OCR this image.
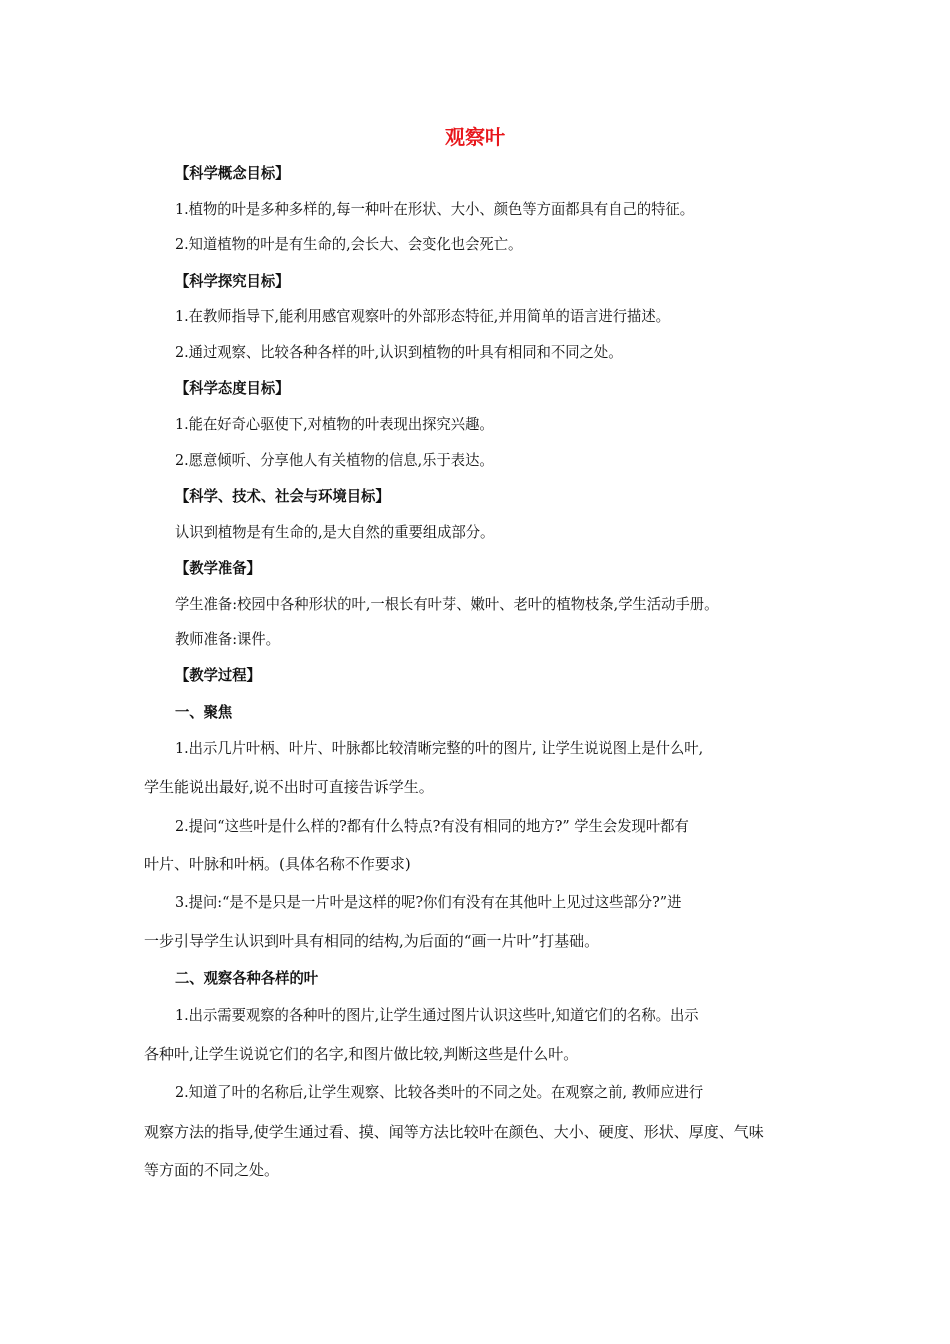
观察叶
【科学概念目标】
1.植物的叶是多种多样的,每一种叶在形状、大小、颜色等方面都具有自己的特征。
2.知道植物的叶是有生命的,会长大、会变化也会死亡。
【科学探究目标】
1.在教师指导下,能利用感官观察叶的外部形态特征,并用简单的语言进行描述。
2.通过观察、比较各种各样的叶,认识到植物的叶具有相同和不同之处。
【科学态度目标】
1.能在好奇心驱使下,对植物的叶表现出探究兴趣。
2.愿意倾听、分享他人有关植物的信息,乐于表达。
【科学、技术、社会与环境目标】
认识到植物是有生命的,是大自然的重要组成部分。
【教学准备】
学生准备:校园中各种形状的叶,一根长有叶芽、嫩叶、老叶的植物枝条,学生活动手册。
教师准备:课件。
【教学过程】
一、聚焦
1.出示几片叶柄、叶片、叶脉都比较清晰完整的叶的图片, 让学生说说图上是什么叶,
学生能说出最好,说不出时可直接告诉学生。
2.提问“这些叶是什么样的?都有什么特点?有没有相同的地方?” 学生会发现叶都有
叶片、叶脉和叶柄。(具体名称不作要求)
3.提问:“是不是只是一片叶是这样的呢?你们有没有在其他叶上见过这些部分?”进
一步引导学生认识到叶具有相同的结构,为后面的“画一片叶”打基础。
二、观察各种各样的叶
1.出示需要观察的各种叶的图片,让学生通过图片认识这些叶,知道它们的名称。出示
各种叶,让学生说说它们的名字,和图片做比较,判断这些是什么叶。
2.知道了叶的名称后,让学生观察、比较各类叶的不同之处。在观察之前, 教师应进行
观察方法的指导,使学生通过看、摸、闻等方法比较叶在颜色、大小、硬度、形状、厚度、气味
等方面的不同之处。
